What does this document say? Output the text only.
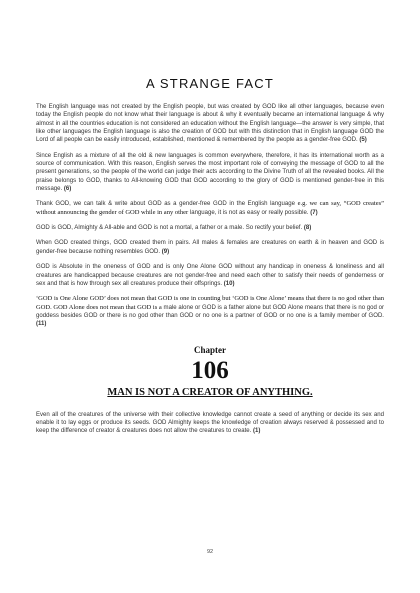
A STRANGE FACT

The English language was not created by the English people, but was created by GOD like all other languages, because even today the English people do not know what their language is about & why it eventually became an international language & why almost in all the countries education is not considered an education without the English language—the answer is very simple, that like other languages the English language is also the creation of GOD but with this distinction that in English language GOD the Lord of all people can be easily introduced, established, mentioned & remembered by the people as a gender-free GOD. (5)

Since English as a mixture of all the old & new languages is common everywhere, therefore, it has its international worth as a source of communication. With this reason, English serves the most important role of conveying the message of GOD to all the present generations, so the people of the world can judge their acts according to the Divine Truth of all the revealed books. All the praise belongs to GOD, thanks to All-knowing GOD that GOD according to the glory of GOD is mentioned gender-free in this message. (6)

Thank GOD, we can talk & write about GOD as a gender-free GOD in the English language e.g. we can say, “GOD creates” without announcing the gender of GOD while in any other language, it is not as easy or really possible. (7)

GOD is GOD, Almighty & All-able and GOD is not a mortal, a father or a male. So rectify your belief. (8)

When GOD created things, GOD created them in pairs. All males & females are creatures on earth & in heaven and GOD is gender-free because nothing resembles GOD. (9)

GOD is Absolute in the oneness of GOD and is only One Alone GOD without any handicap in oneness & loneliness and all creatures are handicapped because creatures are not gender-free and need each other to satisfy their needs of genderness or sex and that is how through sex all creatures produce their offsprings. (10)

‘GOD is One Alone GOD’ does not mean that GOD is one in counting but ‘GOD is One Alone’ means that there is no god other than GOD. GOD Alone does not mean that GOD is a male alone or GOD is a father alone but GOD Alone means that there is no god or goddess besides GOD or there is no god other than GOD or no one is a partner of GOD or no one is a family member of GOD. (11)

Chapter
106
MAN IS NOT A CREATOR OF ANYTHING.

Even all of the creatures of the universe with their collective knowledge cannot create a seed of anything or decide its sex and enable it to lay eggs or produce its seeds. GOD Almighty keeps the knowledge of creation always reserved & possessed and to keep the difference of creator & creatures does not allow the creatures to create. (1)

92
